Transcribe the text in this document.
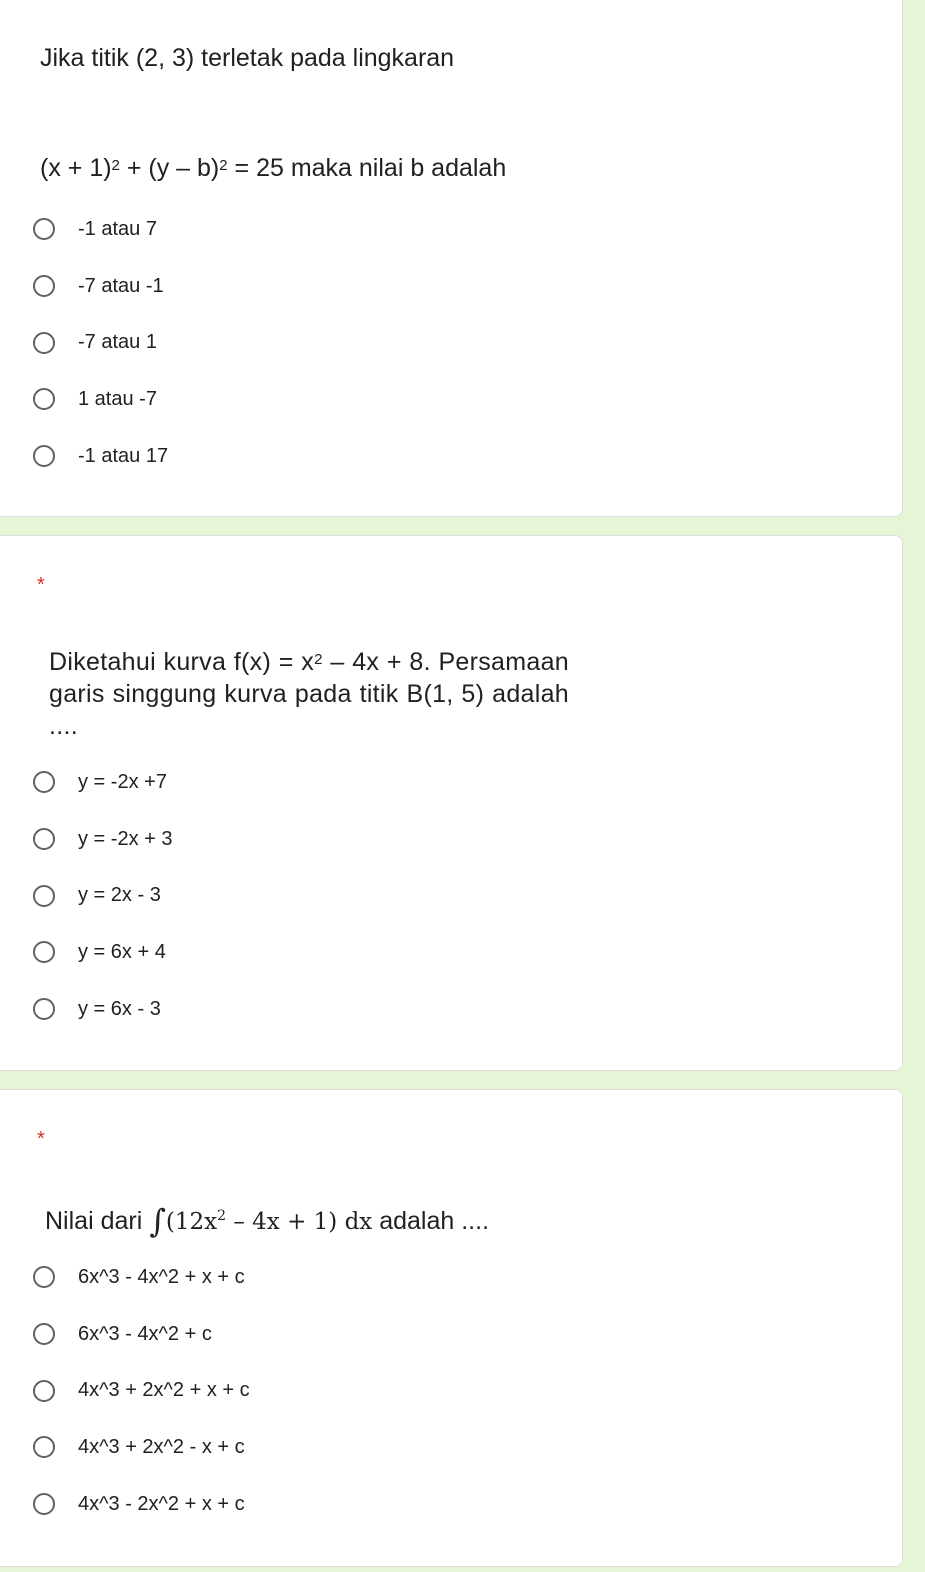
Jika titik (2, 3) terletak pada lingkaran

$(x + 1)^2 + (y - b)^2 = 25$ maka nilai b adalah

-1 atau 7
-7 atau -1
-7 atau 1
1 atau -7
-1 atau 17
*

Diketahui kurva $f(x) = x^2 - 4x + 8$. Persamaan garis singgung kurva pada titik B(1, 5) adalah ....

y = -2x +7
y = -2x + 3
y = 2x - 3
y = 6x + 4
y = 6x - 3
*
Nilai dari $\int(12x^2 - 4x + 1)$ dx adalah ....
6x^3 - 4x^2 + x + c
6x^3 - 4x^2 + c
4x^3 + 2x^2 + x + c
4x^3 + 2x^2 - x + c
4x^3 - 2x^2 + x + c
